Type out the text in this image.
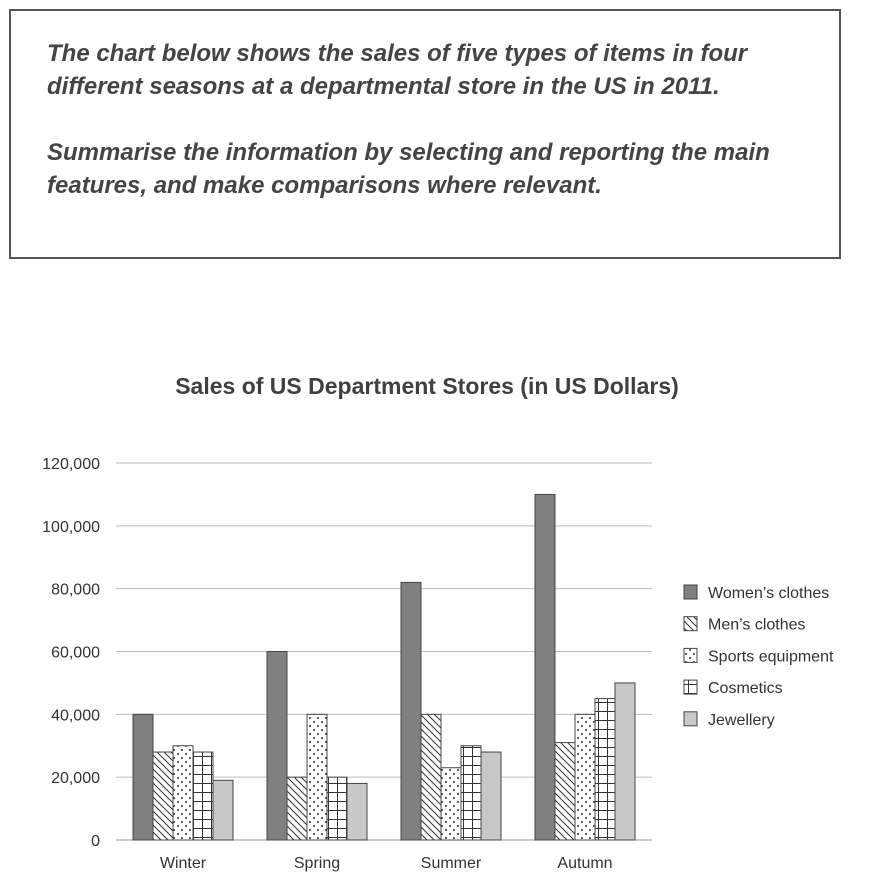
The chart below shows the sales of five types of items in four different seasons at a departmental store in the US in 2011.

Summarise the information by selecting and reporting the main features, and make comparisons where relevant.

Sales of US Department Stores (in US Dollars)
0
20,000
40,000
60,000
80,000
100,000
120,000
Winter	Spring	Summer	Autumn
Women’s clothes
Men’s clothes
Sports equipment
Cosmetics
Jewellery
